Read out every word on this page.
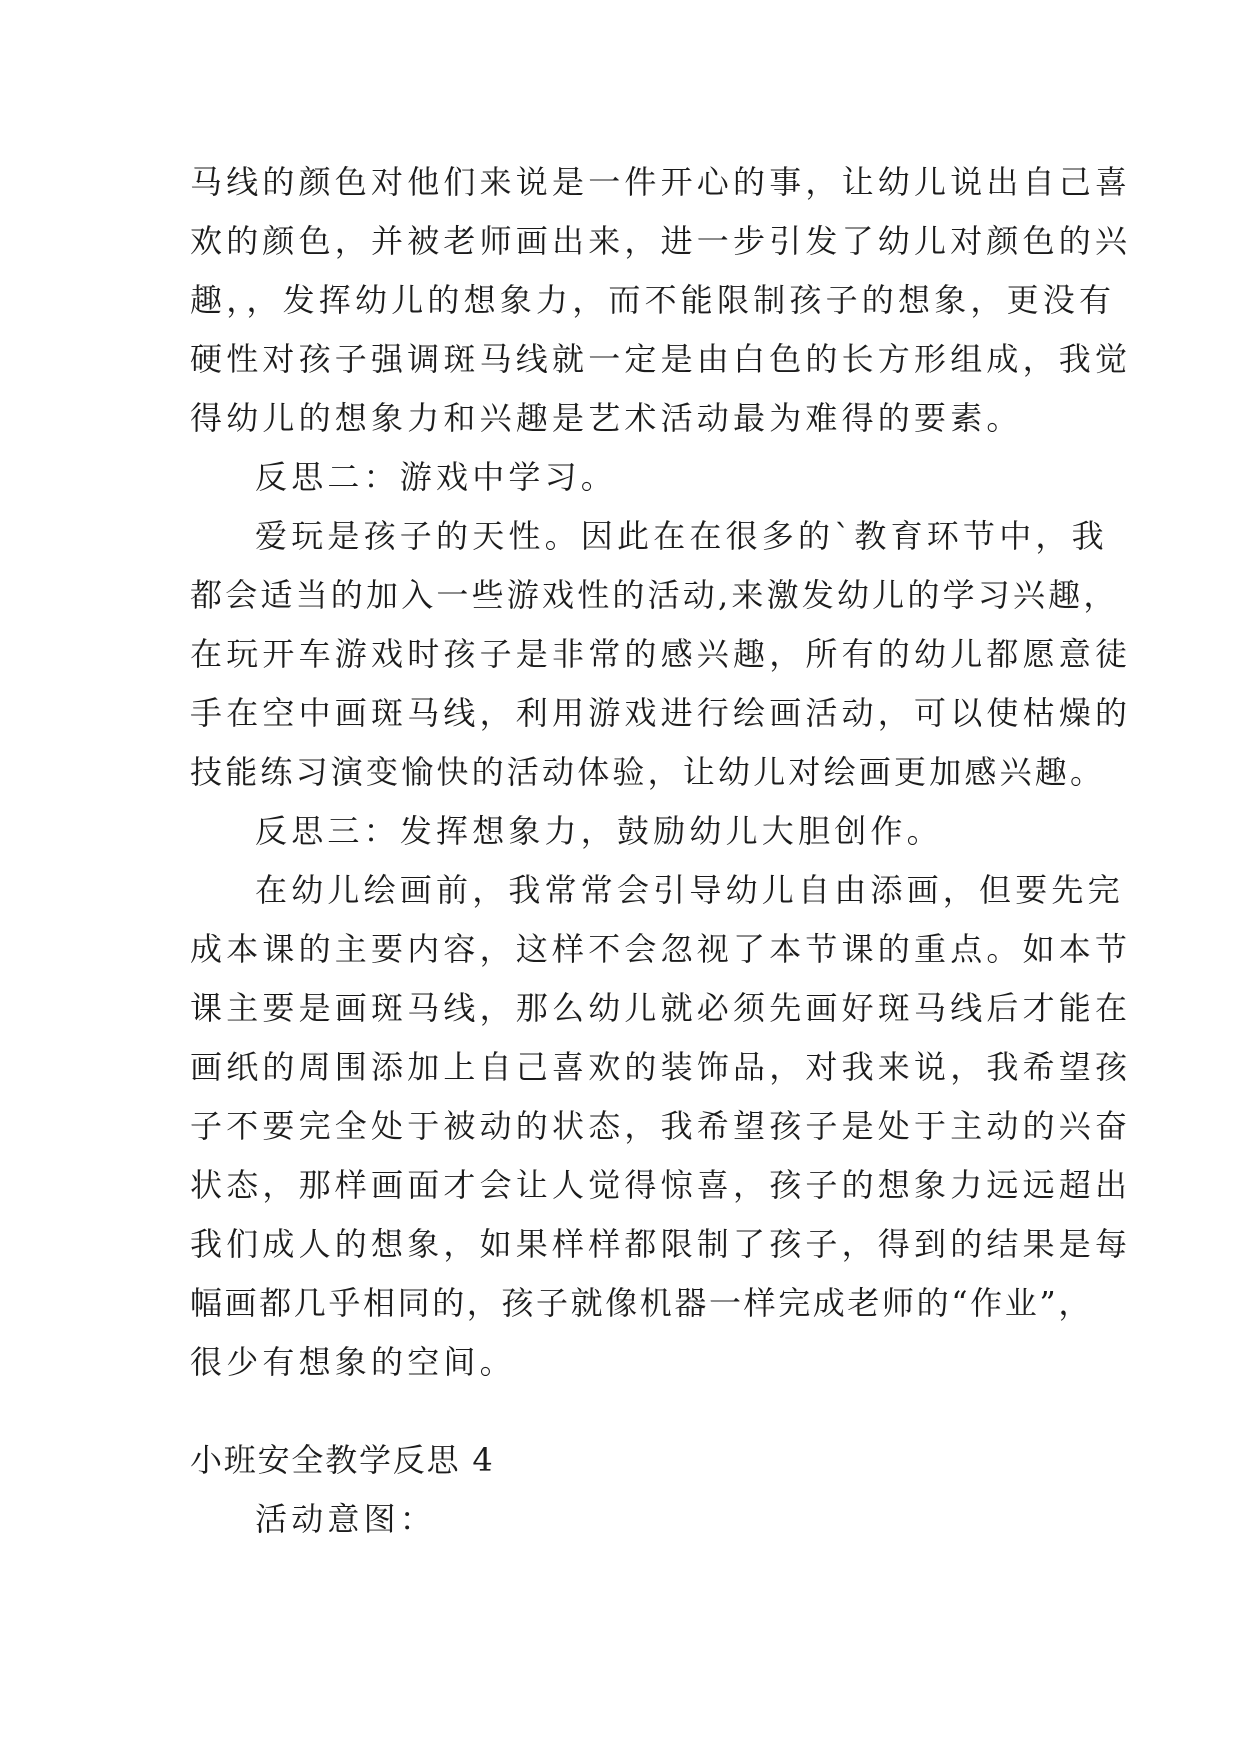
马线的颜色对他们来说是一件开心的事，让幼儿说出自己喜
欢的颜色，并被老师画出来，进一步引发了幼儿对颜色的兴
趣，，发挥幼儿的想象力，而不能限制孩子的想象，更没有
硬性对孩子强调斑马线就一定是由白色的长方形组成，我觉
得幼儿的想象力和兴趣是艺术活动最为难得的要素。
反思二：游戏中学习。
爱玩是孩子的天性。因此在在很多的`教育环节中，我
都会适当的加入一些游戏性的活动,来激发幼儿的学习兴趣，
在玩开车游戏时孩子是非常的感兴趣，所有的幼儿都愿意徒
手在空中画斑马线，利用游戏进行绘画活动，可以使枯燥的
技能练习演变愉快的活动体验，让幼儿对绘画更加感兴趣。
反思三：发挥想象力，鼓励幼儿大胆创作。
在幼儿绘画前，我常常会引导幼儿自由添画，但要先完
成本课的主要内容，这样不会忽视了本节课的重点。如本节
课主要是画斑马线，那么幼儿就必须先画好斑马线后才能在
画纸的周围添加上自己喜欢的装饰品，对我来说，我希望孩
子不要完全处于被动的状态，我希望孩子是处于主动的兴奋
状态，那样画面才会让人觉得惊喜，孩子的想象力远远超出
我们成人的想象，如果样样都限制了孩子，得到的结果是每
幅画都几乎相同的，孩子就像机器一样完成老师的“作业”，
很少有想象的空间。
小班安全教学反思 4
活动意图：
